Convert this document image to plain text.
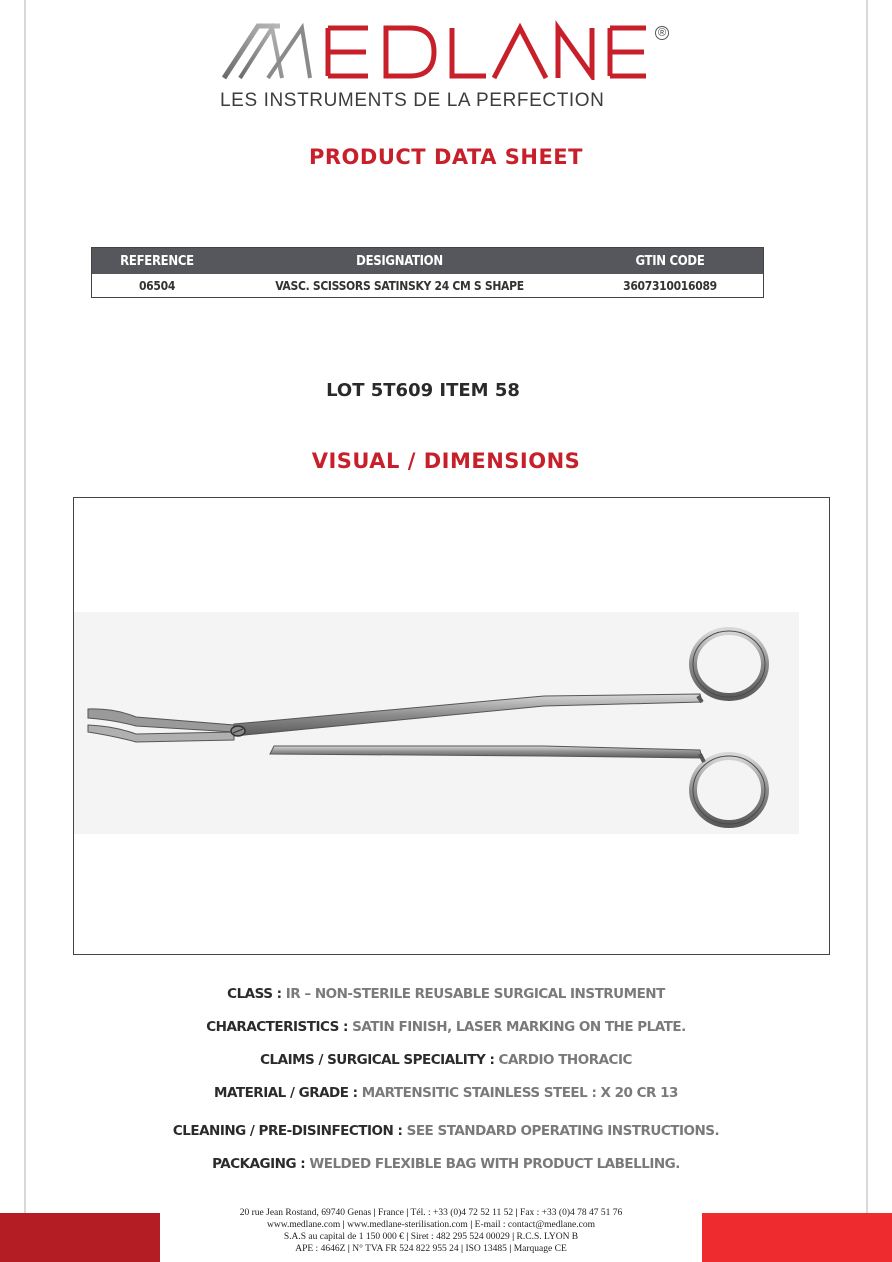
®
LES INSTRUMENTS DE LA PERFECTION
PRODUCT DATA SHEET
REFERENCE	DESIGNATION	GTIN CODE
06504	VASC. SCISSORS SATINSKY 24 CM S SHAPE	3607310016089
LOT 5T609 ITEM 58
VISUAL / DIMENSIONS
CLASS : IR – NON-STERILE REUSABLE SURGICAL INSTRUMENT
CHARACTERISTICS : SATIN FINISH, LASER MARKING ON THE PLATE.
CLAIMS / SURGICAL SPECIALITY : CARDIO THORACIC
MATERIAL / GRADE : MARTENSITIC STAINLESS STEEL : X 20 CR 13
CLEANING / PRE-DISINFECTION : SEE STANDARD OPERATING INSTRUCTIONS.
PACKAGING : WELDED FLEXIBLE BAG WITH PRODUCT LABELLING.
20 rue Jean Rostand, 69740 Genas | France | Tél. : +33 (0)4 72 52 11 52 | Fax : +33 (0)4 78 47 51 76
www.medlane.com | www.medlane-sterilisation.com | E-mail : contact@medlane.com
S.A.S au capital de 1 150 000 € | Siret : 482 295 524 00029 | R.C.S. LYON B
APE : 4646Z | N° TVA FR 524 822 955 24 | ISO 13485 | Marquage CE
